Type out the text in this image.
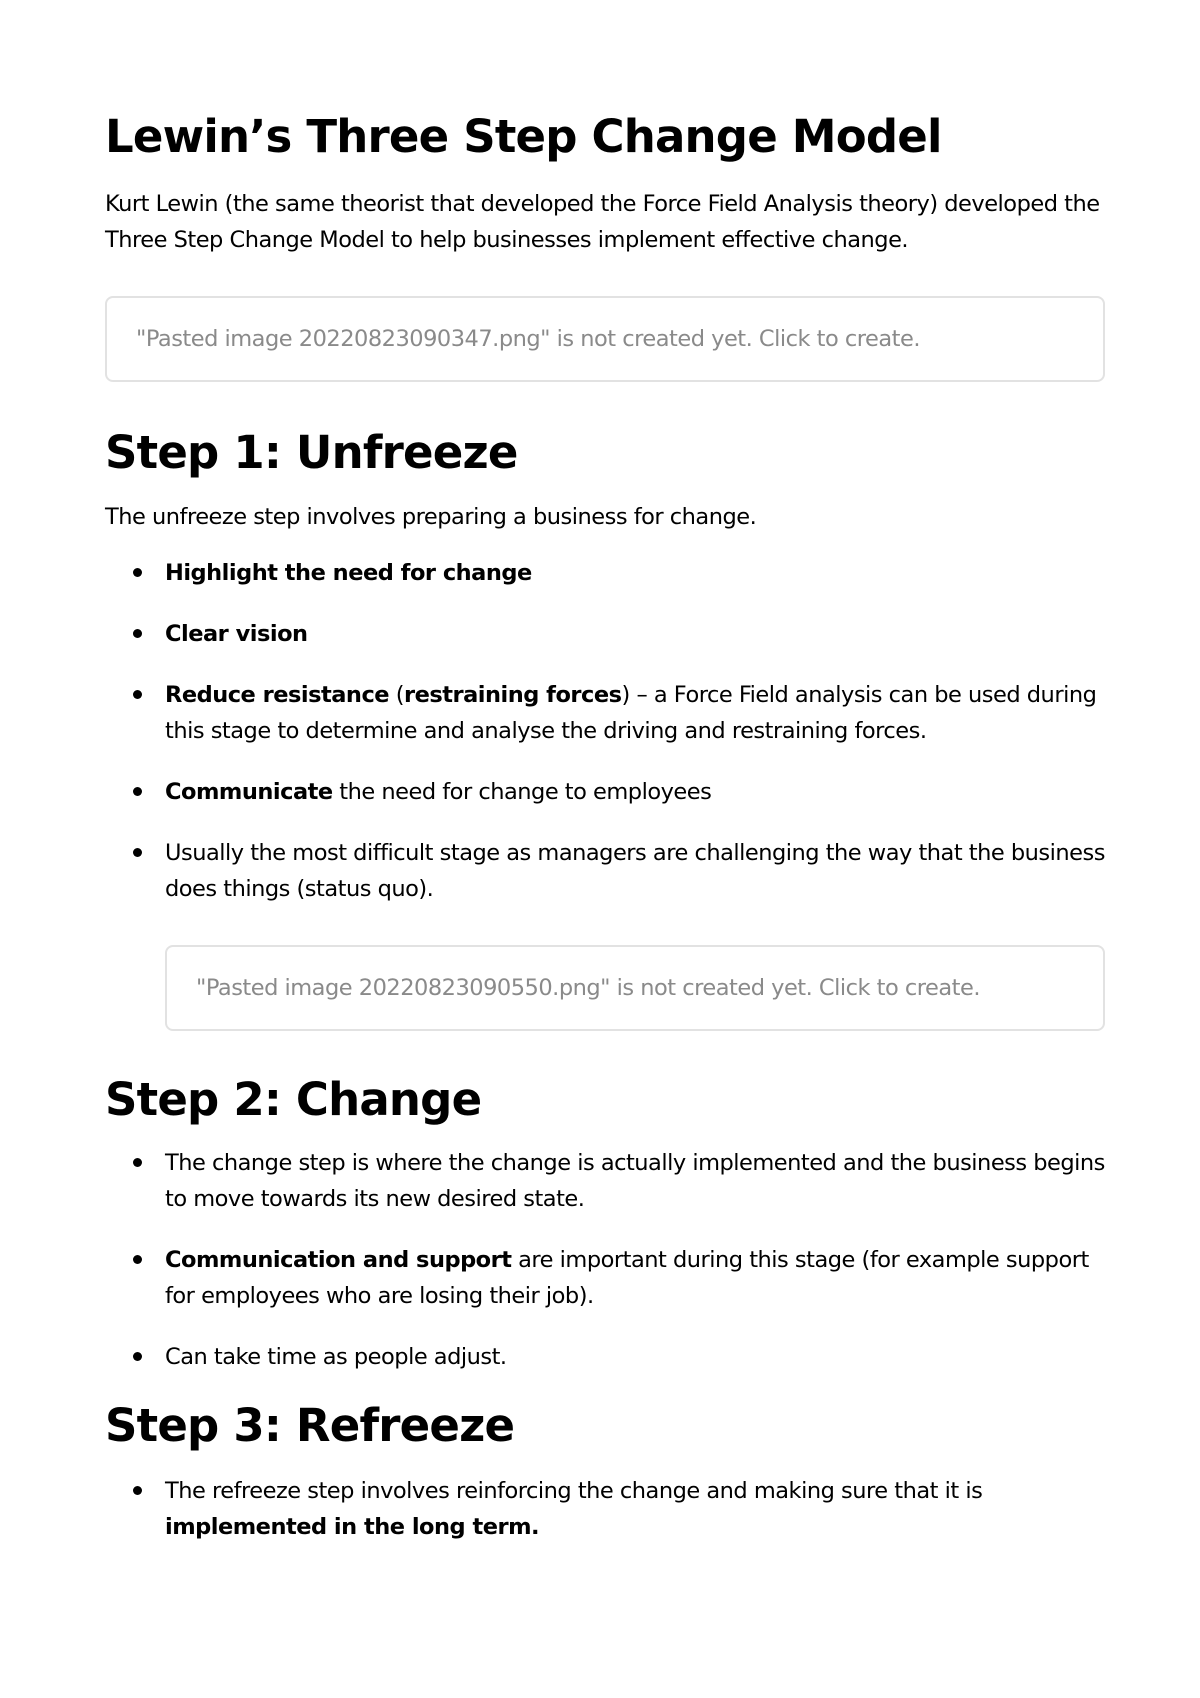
Lewin’s Three Step Change Model

Kurt Lewin (the same theorist that developed the Force Field Analysis theory) developed the Three Step Change Model to help businesses implement effective change.

"Pasted image 20220823090347.png" is not created yet. Click to create.
Step 1: Unfreeze

The unfreeze step involves preparing a business for change.

Highlight the need for change
Clear vision
Reduce resistance (restraining forces) – a Force Field analysis can be used during this stage to determine and analyse the driving and restraining forces.
Communicate the need for change to employees
Usually the most difficult stage as managers are challenging the way that the business does things (status quo).
"Pasted image 20220823090550.png" is not created yet. Click to create.
Step 2: Change
The change step is where the change is actually implemented and the business begins to move towards its new desired state.
Communication and support are important during this stage (for example support for employees who are losing their job).
Can take time as people adjust.
Step 3: Refreeze
The refreeze step involves reinforcing the change and making sure that it is implemented in the long term.
